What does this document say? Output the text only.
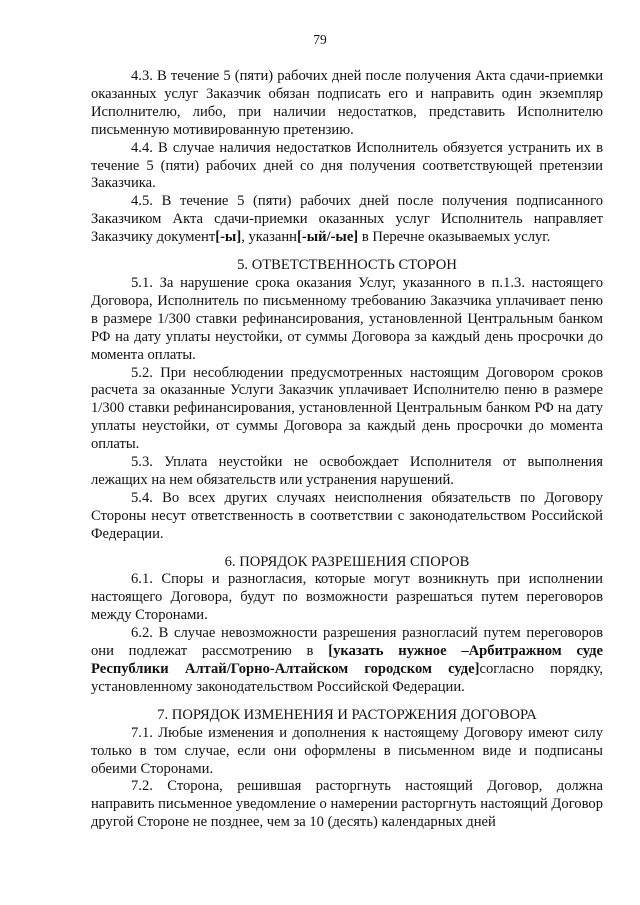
79

4.3. В течение 5 (пяти) рабочих дней после получения Акта сдачи-приемки оказанных услуг Заказчик обязан подписать его и направить один экземпляр Исполнителю, либо, при наличии недостатков, представить Исполнителю письменную мотивированную претензию.

4.4. В случае наличия недостатков Исполнитель обязуется устранить их в течение 5 (пяти) рабочих дней со дня получения соответствующей претензии Заказчика.

4.5. В течение 5 (пяти) рабочих дней после получения подписанного Заказчиком Акта сдачи-приемки оказанных услуг Исполнитель направляет Заказчику документ[-ы], указанн[-ый/-ые] в Перечне оказываемых услуг.

5. ОТВЕТСТВЕННОСТЬ СТОРОН

5.1. За нарушение срока оказания Услуг, указанного в п.1.3. настоящего Договора, Исполнитель по письменному требованию Заказчика уплачивает пеню в размере 1/300 ставки рефинансирования, установленной Центральным банком РФ на дату уплаты неустойки, от суммы Договора за каждый день просрочки до момента оплаты.

5.2. При несоблюдении предусмотренных настоящим Договором сроков расчета за оказанные Услуги Заказчик уплачивает Исполнителю пеню в размере 1/300 ставки рефинансирования, установленной Центральным банком РФ на дату уплаты неустойки, от суммы Договора за каждый день просрочки до момента оплаты.

5.3. Уплата неустойки не освобождает Исполнителя от выполнения лежащих на нем обязательств или устранения нарушений.

5.4. Во всех других случаях неисполнения обязательств по Договору Стороны несут ответственность в соответствии с законодательством Российской Федерации.

6. ПОРЯДОК РАЗРЕШЕНИЯ СПОРОВ

6.1. Споры и разногласия, которые могут возникнуть при исполнении настоящего Договора, будут по возможности разрешаться путем переговоров между Сторонами.

6.2. В случае невозможности разрешения разногласий путем переговоров они подлежат рассмотрению в [указать нужное –Арбитражном суде Республики Алтай/Горно-Алтайском городском суде]согласно порядку, установленному законодательством Российской Федерации.

7. ПОРЯДОК ИЗМЕНЕНИЯ И РАСТОРЖЕНИЯ ДОГОВОРА

7.1. Любые изменения и дополнения к настоящему Договору имеют силу только в том случае, если они оформлены в письменном виде и подписаны обеими Сторонами.

7.2. Сторона, решившая расторгнуть настоящий Договор, должна направить письменное уведомление о намерении расторгнуть настоящий Договор другой Стороне не позднее, чем за 10 (десять) календарных дней
